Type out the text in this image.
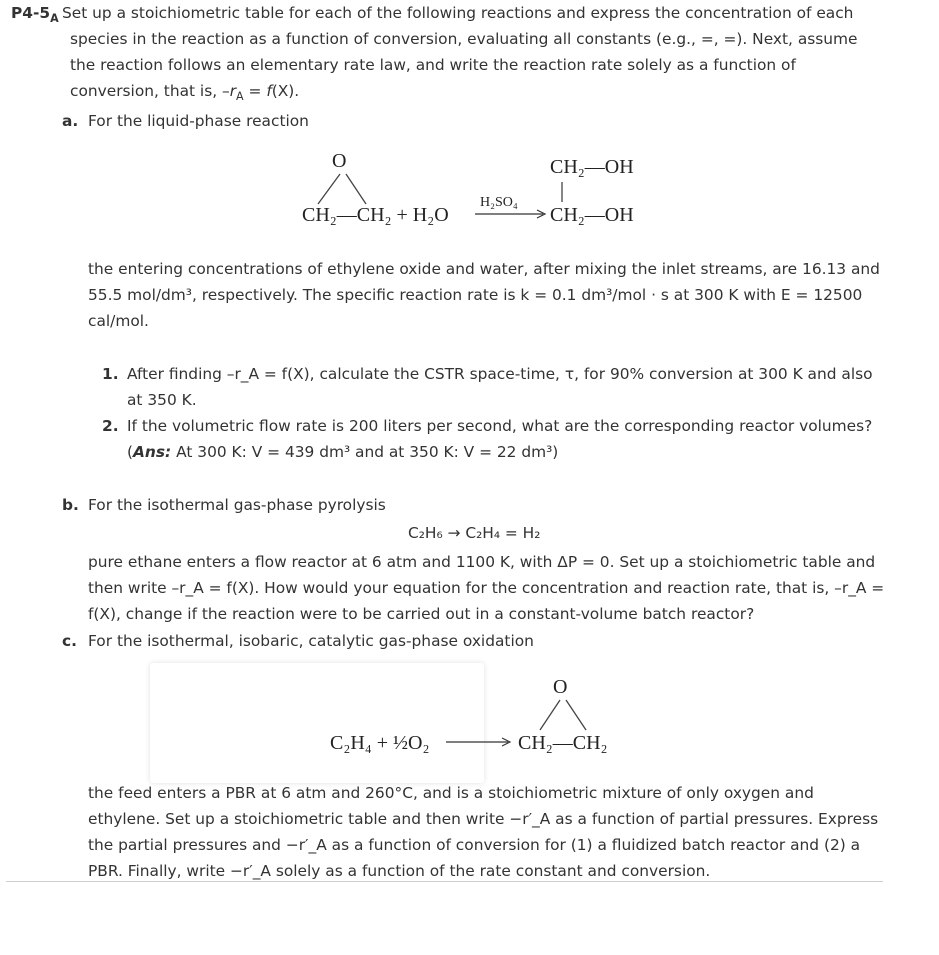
$P4-5_A$ Set up a stoichiometric table for each of the following reactions and express the concentration of each
species in the reaction as a function of conversion, evaluating all constants (e.g., =, =). Next, assume
the reaction follows an elementary rate law, and write the reaction rate solely as a function of
conversion, that is, $-r_A = f(X)$.
a. For the liquid-phase reaction
O
CH₂—CH₂ + H₂O
H₂SO₄
CH₂—OH
CH₂—OH
the entering concentrations of ethylene oxide and water, after mixing the inlet streams, are 16.13 and
55.5 mol/dm³, respectively. The specific reaction rate is k = 0.1 dm³/mol · s at 300 K with E = 12500
cal/mol.
1. After finding –r_A = f(X), calculate the CSTR space-time, τ, for 90% conversion at 300 K and also
at 350 K.
2. If the volumetric flow rate is 200 liters per second, what are the corresponding reactor volumes?
(Ans: At 300 K: V = 439 dm³ and at 350 K: V = 22 dm³)
b. For the isothermal gas-phase pyrolysis
C₂H₆ → C₂H₄ = H₂
pure ethane enters a flow reactor at 6 atm and 1100 K, with ΔP = 0. Set up a stoichiometric table and
then write –r_A = f(X). How would your equation for the concentration and reaction rate, that is, –r_A =
f(X), change if the reaction were to be carried out in a constant-volume batch reactor?
c. For the isothermal, isobaric, catalytic gas-phase oxidation
C₂H₄ + ½O₂
O
CH₂—CH₂
the feed enters a PBR at 6 atm and 260°C, and is a stoichiometric mixture of only oxygen and
ethylene. Set up a stoichiometric table and then write −r′_A as a function of partial pressures. Express
the partial pressures and −r′_A as a function of conversion for (1) a fluidized batch reactor and (2) a
PBR. Finally, write −r′_A solely as a function of the rate constant and conversion.
